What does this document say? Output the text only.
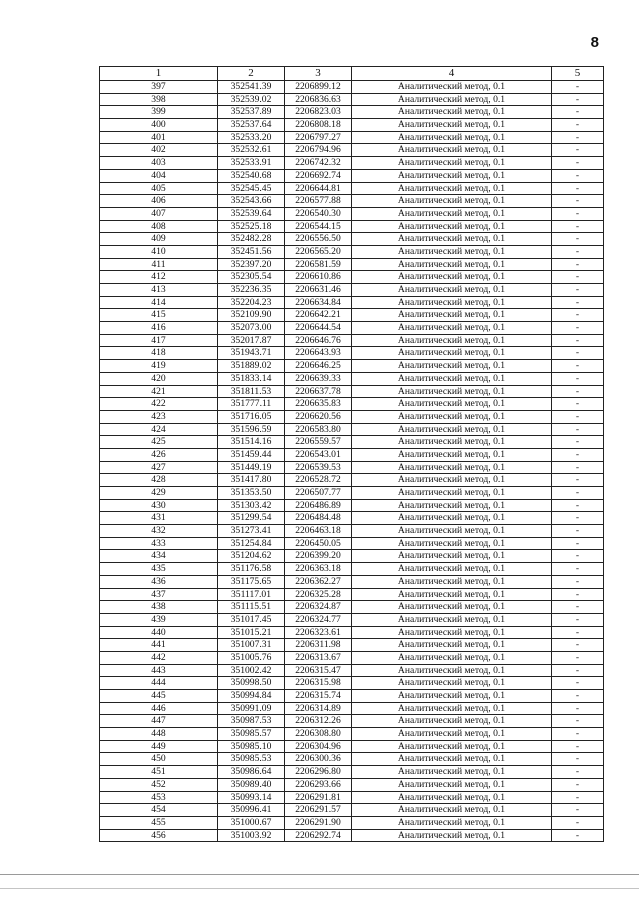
8
1	2	3	4	5
397	352541.39	2206899.12	Аналитический метод, 0.1	-
398	352539.02	2206836.63	Аналитический метод, 0.1	-
399	352537.89	2206823.03	Аналитический метод, 0.1	-
400	352537.64	2206808.18	Аналитический метод, 0.1	-
401	352533.20	2206797.27	Аналитический метод, 0.1	-
402	352532.61	2206794.96	Аналитический метод, 0.1	-
403	352533.91	2206742.32	Аналитический метод, 0.1	-
404	352540.68	2206692.74	Аналитический метод, 0.1	-
405	352545.45	2206644.81	Аналитический метод, 0.1	-
406	352543.66	2206577.88	Аналитический метод, 0.1	-
407	352539.64	2206540.30	Аналитический метод, 0.1	-
408	352525.18	2206544.15	Аналитический метод, 0.1	-
409	352482.28	2206556.50	Аналитический метод, 0.1	-
410	352451.56	2206565.20	Аналитический метод, 0.1	-
411	352397.20	2206581.59	Аналитический метод, 0.1	-
412	352305.54	2206610.86	Аналитический метод, 0.1	-
413	352236.35	2206631.46	Аналитический метод, 0.1	-
414	352204.23	2206634.84	Аналитический метод, 0.1	-
415	352109.90	2206642.21	Аналитический метод, 0.1	-
416	352073.00	2206644.54	Аналитический метод, 0.1	-
417	352017.87	2206646.76	Аналитический метод, 0.1	-
418	351943.71	2206643.93	Аналитический метод, 0.1	-
419	351889.02	2206646.25	Аналитический метод, 0.1	-
420	351833.14	2206639.33	Аналитический метод, 0.1	-
421	351811.53	2206637.78	Аналитический метод, 0.1	-
422	351777.11	2206635.83	Аналитический метод, 0.1	-
423	351716.05	2206620.56	Аналитический метод, 0.1	-
424	351596.59	2206583.80	Аналитический метод, 0.1	-
425	351514.16	2206559.57	Аналитический метод, 0.1	-
426	351459.44	2206543.01	Аналитический метод, 0.1	-
427	351449.19	2206539.53	Аналитический метод, 0.1	-
428	351417.80	2206528.72	Аналитический метод, 0.1	-
429	351353.50	2206507.77	Аналитический метод, 0.1	-
430	351303.42	2206486.89	Аналитический метод, 0.1	-
431	351299.54	2206484.48	Аналитический метод, 0.1	-
432	351273.41	2206463.18	Аналитический метод, 0.1	-
433	351254.84	2206450.05	Аналитический метод, 0.1	-
434	351204.62	2206399.20	Аналитический метод, 0.1	-
435	351176.58	2206363.18	Аналитический метод, 0.1	-
436	351175.65	2206362.27	Аналитический метод, 0.1	-
437	351117.01	2206325.28	Аналитический метод, 0.1	-
438	351115.51	2206324.87	Аналитический метод, 0.1	-
439	351017.45	2206324.77	Аналитический метод, 0.1	-
440	351015.21	2206323.61	Аналитический метод, 0.1	-
441	351007.31	2206311.98	Аналитический метод, 0.1	-
442	351005.76	2206313.67	Аналитический метод, 0.1	-
443	351002.42	2206315.47	Аналитический метод, 0.1	-
444	350998.50	2206315.98	Аналитический метод, 0.1	-
445	350994.84	2206315.74	Аналитический метод, 0.1	-
446	350991.09	2206314.89	Аналитический метод, 0.1	-
447	350987.53	2206312.26	Аналитический метод, 0.1	-
448	350985.57	2206308.80	Аналитический метод, 0.1	-
449	350985.10	2206304.96	Аналитический метод, 0.1	-
450	350985.53	2206300.36	Аналитический метод, 0.1	-
451	350986.64	2206296.80	Аналитический метод, 0.1	-
452	350989.40	2206293.66	Аналитический метод, 0.1	-
453	350993.14	2206291.81	Аналитический метод, 0.1	-
454	350996.41	2206291.57	Аналитический метод, 0.1	-
455	351000.67	2206291.90	Аналитический метод, 0.1	-
456	351003.92	2206292.74	Аналитический метод, 0.1	-
